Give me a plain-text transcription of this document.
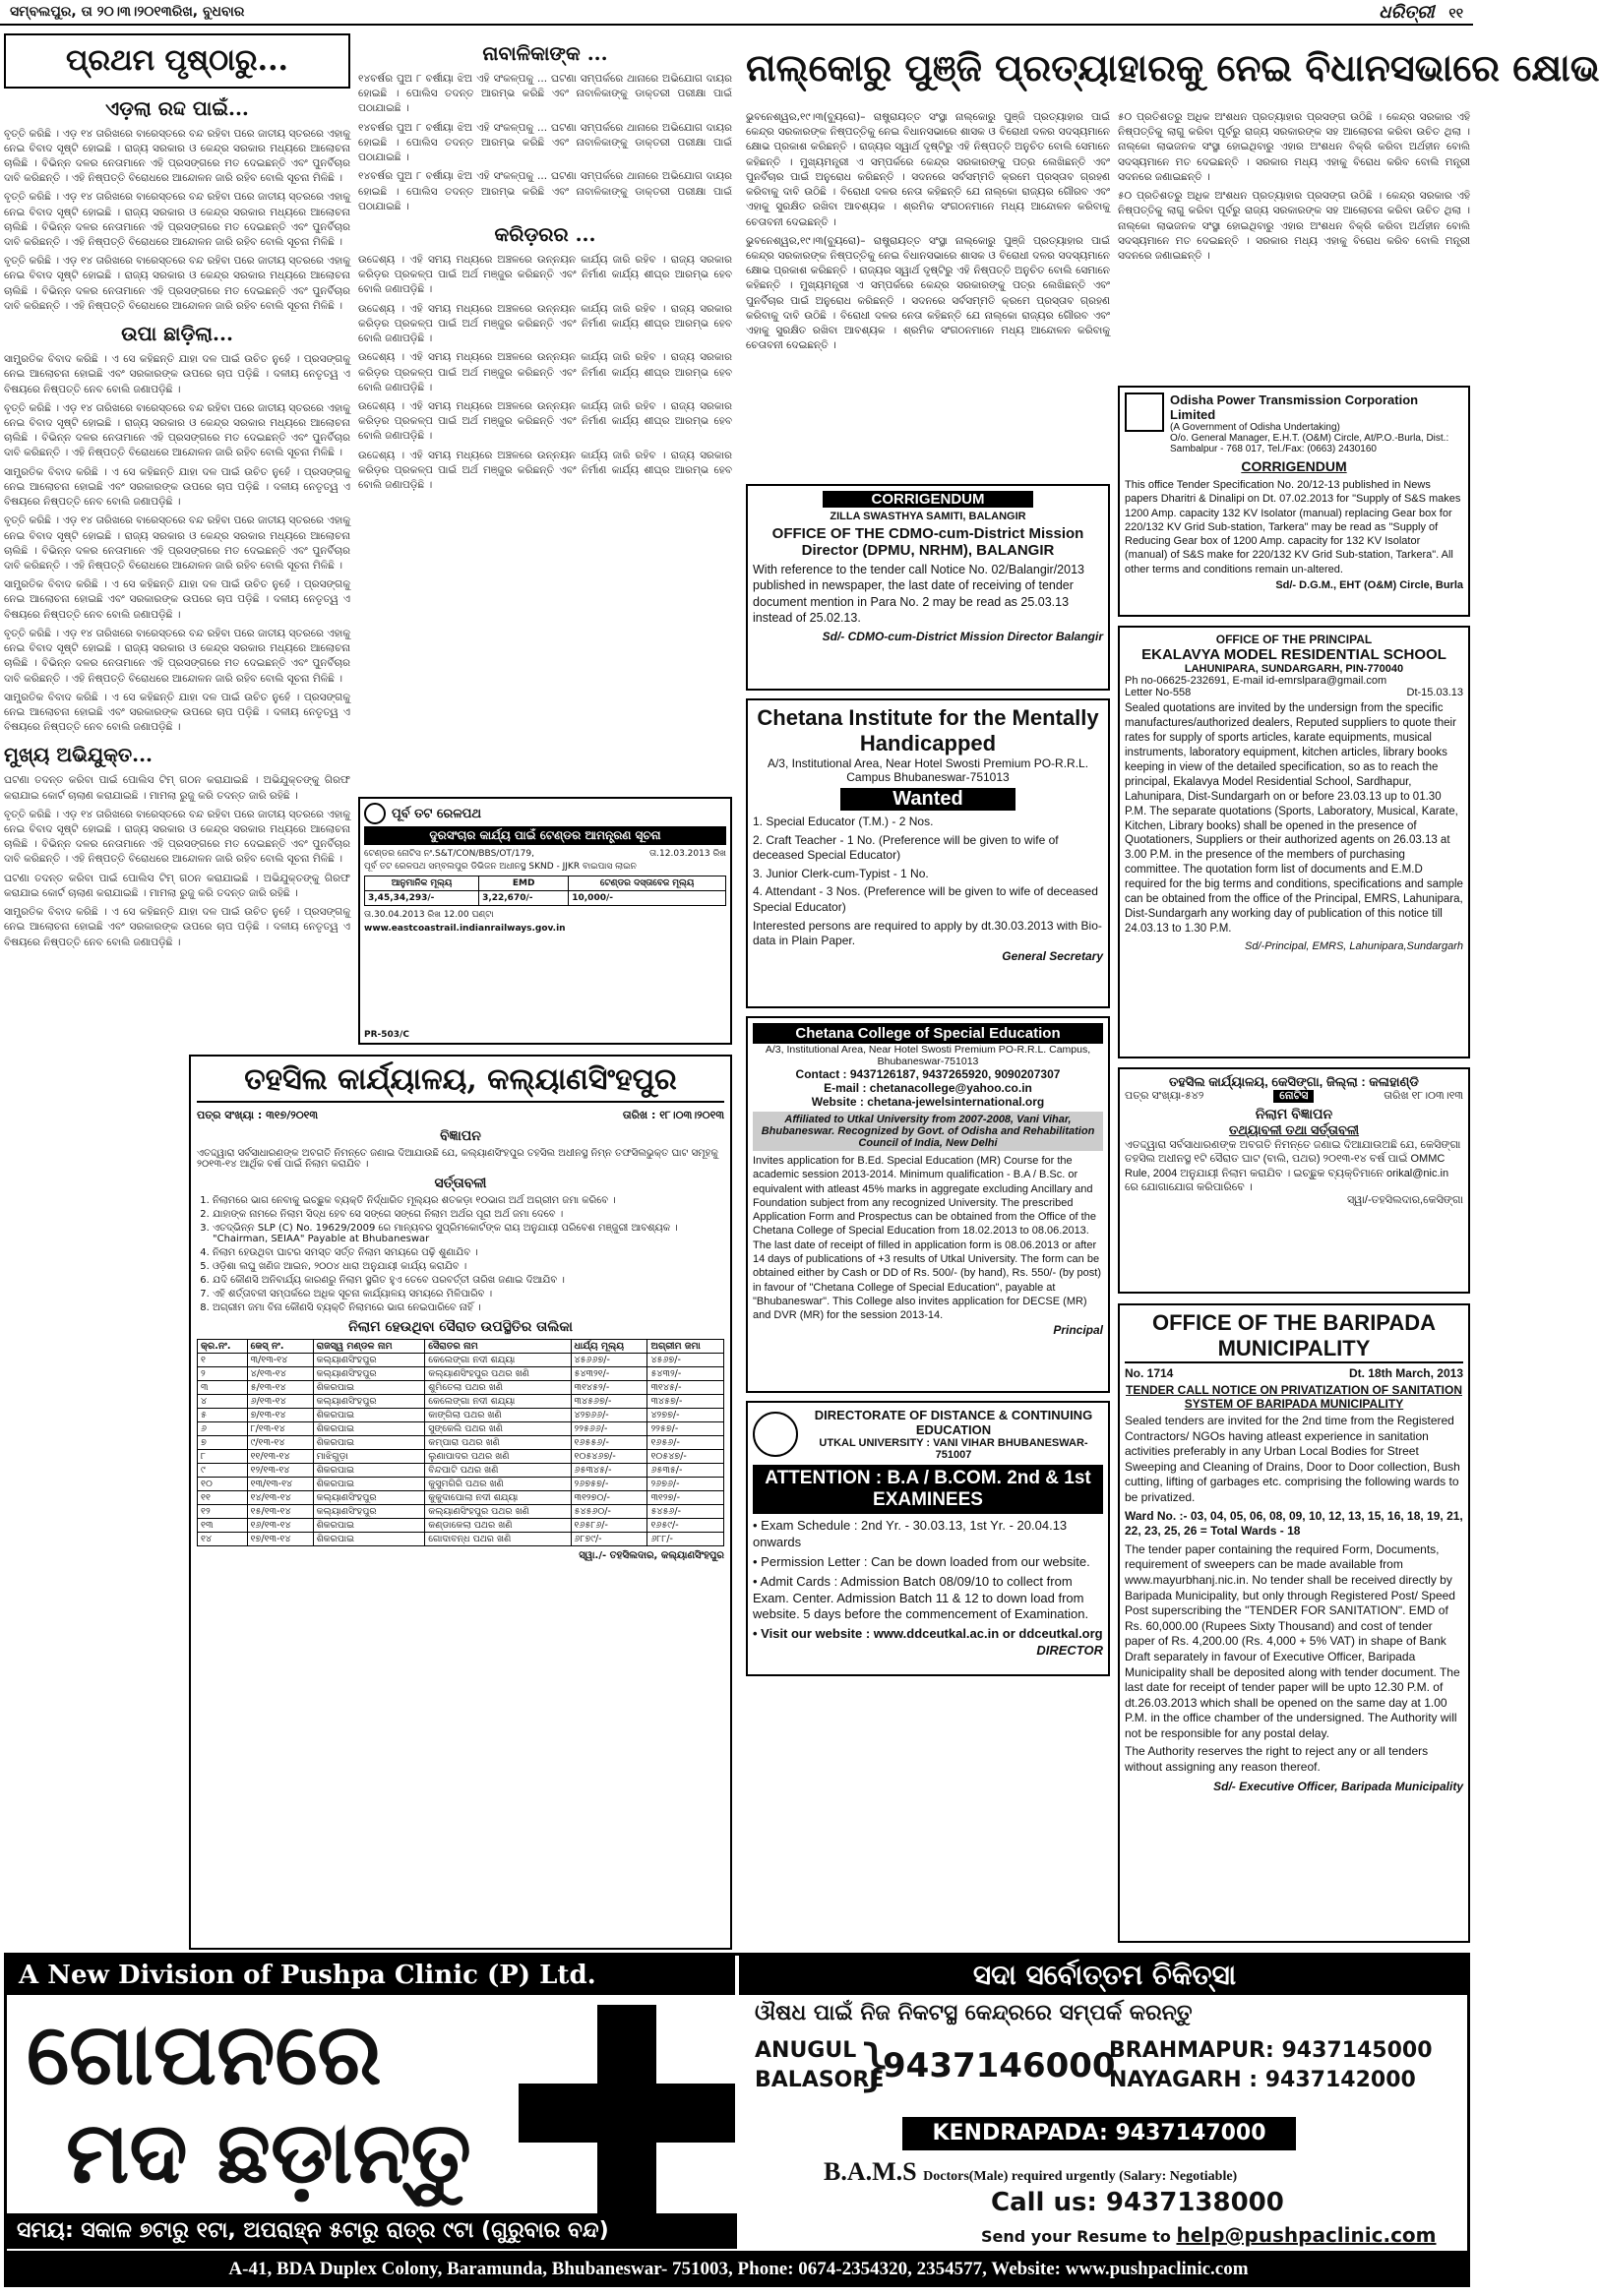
ସମ୍ବଲପୁର, ତା ୨୦।୩।୨୦୧୩ରିଖ, ବୁଧବାର	ଧରିତ୍ରୀ ୧୧
ପ୍ରଥମ ପୃଷ୍ଠାରୁ...
ଏଡ଼ଲା ରଦ୍ଦ ପାଇଁ...

ବୃତ୍ତି କରିଛି । ଏଡ଼ ୧୪ ତାରିଖରେ ବାରେସ୍ତରେ ବନ୍ଦ ରହିବା ପରେ ଜାତୀୟ ସ୍ତରରେ ଏହାକୁ ନେଇ ବିବାଦ ସୃଷ୍ଟି ହୋଇଛି । ରାଜ୍ୟ ସରକାର ଓ କେନ୍ଦ୍ର ସରକାର ମଧ୍ୟରେ ଆଲୋଚନା ଚାଲିଛି । ବିଭିନ୍ନ ଦଳର ନେତାମାନେ ଏହି ପ୍ରସଙ୍ଗରେ ମତ ଦେଇଛନ୍ତି ଏବଂ ପୁନର୍ବିଚାର ଦାବି କରିଛନ୍ତି । ଏହି ନିଷ୍ପତ୍ତି ବିରୋଧରେ ଆନ୍ଦୋଳନ ଜାରି ରହିବ ବୋଲି ସୂଚନା ମିଳିଛି ।

ବୃତ୍ତି କରିଛି । ଏଡ଼ ୧୪ ତାରିଖରେ ବାରେସ୍ତରେ ବନ୍ଦ ରହିବା ପରେ ଜାତୀୟ ସ୍ତରରେ ଏହାକୁ ନେଇ ବିବାଦ ସୃଷ୍ଟି ହୋଇଛି । ରାଜ୍ୟ ସରକାର ଓ କେନ୍ଦ୍ର ସରକାର ମଧ୍ୟରେ ଆଲୋଚନା ଚାଲିଛି । ବିଭିନ୍ନ ଦଳର ନେତାମାନେ ଏହି ପ୍ରସଙ୍ଗରେ ମତ ଦେଇଛନ୍ତି ଏବଂ ପୁନର୍ବିଚାର ଦାବି କରିଛନ୍ତି । ଏହି ନିଷ୍ପତ୍ତି ବିରୋଧରେ ଆନ୍ଦୋଳନ ଜାରି ରହିବ ବୋଲି ସୂଚନା ମିଳିଛି ।

ବୃତ୍ତି କରିଛି । ଏଡ଼ ୧୪ ତାରିଖରେ ବାରେସ୍ତରେ ବନ୍ଦ ରହିବା ପରେ ଜାତୀୟ ସ୍ତରରେ ଏହାକୁ ନେଇ ବିବାଦ ସୃଷ୍ଟି ହୋଇଛି । ରାଜ୍ୟ ସରକାର ଓ କେନ୍ଦ୍ର ସରକାର ମଧ୍ୟରେ ଆଲୋଚନା ଚାଲିଛି । ବିଭିନ୍ନ ଦଳର ନେତାମାନେ ଏହି ପ୍ରସଙ୍ଗରେ ମତ ଦେଇଛନ୍ତି ଏବଂ ପୁନର୍ବିଚାର ଦାବି କରିଛନ୍ତି । ଏହି ନିଷ୍ପତ୍ତି ବିରୋଧରେ ଆନ୍ଦୋଳନ ଜାରି ରହିବ ବୋଲି ସୂଚନା ମିଳିଛି ।

ଉପା ଛାଡ଼ିଲା...

ସାମ୍ପ୍ରତିକ ବିବାଦ କରିଛି । ଏ ସେ କହିଛନ୍ତି ଯାହା ଦଳ ପାଇଁ ଉଚିତ ନୁହେଁ । ପ୍ରସଙ୍ଗକୁ ନେଇ ଆଲୋଚନା ହୋଇଛି ଏବଂ ସରକାରଙ୍କ ଉପରେ ଚାପ ପଡ଼ିଛି । ଦଳୀୟ ନେତୃତ୍ୱ ଏ ବିଷୟରେ ନିଷ୍ପତ୍ତି ନେବ ବୋଲି ଜଣାପଡ଼ିଛି ।

ବୃତ୍ତି କରିଛି । ଏଡ଼ ୧୪ ତାରିଖରେ ବାରେସ୍ତରେ ବନ୍ଦ ରହିବା ପରେ ଜାତୀୟ ସ୍ତରରେ ଏହାକୁ ନେଇ ବିବାଦ ସୃଷ୍ଟି ହୋଇଛି । ରାଜ୍ୟ ସରକାର ଓ କେନ୍ଦ୍ର ସରକାର ମଧ୍ୟରେ ଆଲୋଚନା ଚାଲିଛି । ବିଭିନ୍ନ ଦଳର ନେତାମାନେ ଏହି ପ୍ରସଙ୍ଗରେ ମତ ଦେଇଛନ୍ତି ଏବଂ ପୁନର୍ବିଚାର ଦାବି କରିଛନ୍ତି । ଏହି ନିଷ୍ପତ୍ତି ବିରୋଧରେ ଆନ୍ଦୋଳନ ଜାରି ରହିବ ବୋଲି ସୂଚନା ମିଳିଛି ।

ସାମ୍ପ୍ରତିକ ବିବାଦ କରିଛି । ଏ ସେ କହିଛନ୍ତି ଯାହା ଦଳ ପାଇଁ ଉଚିତ ନୁହେଁ । ପ୍ରସଙ୍ଗକୁ ନେଇ ଆଲୋଚନା ହୋଇଛି ଏବଂ ସରକାରଙ୍କ ଉପରେ ଚାପ ପଡ଼ିଛି । ଦଳୀୟ ନେତୃତ୍ୱ ଏ ବିଷୟରେ ନିଷ୍ପତ୍ତି ନେବ ବୋଲି ଜଣାପଡ଼ିଛି ।

ବୃତ୍ତି କରିଛି । ଏଡ଼ ୧୪ ତାରିଖରେ ବାରେସ୍ତରେ ବନ୍ଦ ରହିବା ପରେ ଜାତୀୟ ସ୍ତରରେ ଏହାକୁ ନେଇ ବିବାଦ ସୃଷ୍ଟି ହୋଇଛି । ରାଜ୍ୟ ସରକାର ଓ କେନ୍ଦ୍ର ସରକାର ମଧ୍ୟରେ ଆଲୋଚନା ଚାଲିଛି । ବିଭିନ୍ନ ଦଳର ନେତାମାନେ ଏହି ପ୍ରସଙ୍ଗରେ ମତ ଦେଇଛନ୍ତି ଏବଂ ପୁନର୍ବିଚାର ଦାବି କରିଛନ୍ତି । ଏହି ନିଷ୍ପତ୍ତି ବିରୋଧରେ ଆନ୍ଦୋଳନ ଜାରି ରହିବ ବୋଲି ସୂଚନା ମିଳିଛି ।

ସାମ୍ପ୍ରତିକ ବିବାଦ କରିଛି । ଏ ସେ କହିଛନ୍ତି ଯାହା ଦଳ ପାଇଁ ଉଚିତ ନୁହେଁ । ପ୍ରସଙ୍ଗକୁ ନେଇ ଆଲୋଚନା ହୋଇଛି ଏବଂ ସରକାରଙ୍କ ଉପରେ ଚାପ ପଡ଼ିଛି । ଦଳୀୟ ନେତୃତ୍ୱ ଏ ବିଷୟରେ ନିଷ୍ପତ୍ତି ନେବ ବୋଲି ଜଣାପଡ଼ିଛି ।

ବୃତ୍ତି କରିଛି । ଏଡ଼ ୧୪ ତାରିଖରେ ବାରେସ୍ତରେ ବନ୍ଦ ରହିବା ପରେ ଜାତୀୟ ସ୍ତରରେ ଏହାକୁ ନେଇ ବିବାଦ ସୃଷ୍ଟି ହୋଇଛି । ରାଜ୍ୟ ସରକାର ଓ କେନ୍ଦ୍ର ସରକାର ମଧ୍ୟରେ ଆଲୋଚନା ଚାଲିଛି । ବିଭିନ୍ନ ଦଳର ନେତାମାନେ ଏହି ପ୍ରସଙ୍ଗରେ ମତ ଦେଇଛନ୍ତି ଏବଂ ପୁନର୍ବିଚାର ଦାବି କରିଛନ୍ତି । ଏହି ନିଷ୍ପତ୍ତି ବିରୋଧରେ ଆନ୍ଦୋଳନ ଜାରି ରହିବ ବୋଲି ସୂଚନା ମିଳିଛି ।

ସାମ୍ପ୍ରତିକ ବିବାଦ କରିଛି । ଏ ସେ କହିଛନ୍ତି ଯାହା ଦଳ ପାଇଁ ଉଚିତ ନୁହେଁ । ପ୍ରସଙ୍ଗକୁ ନେଇ ଆଲୋଚନା ହୋଇଛି ଏବଂ ସରକାରଙ୍କ ଉପରେ ଚାପ ପଡ଼ିଛି । ଦଳୀୟ ନେତୃତ୍ୱ ଏ ବିଷୟରେ ନିଷ୍ପତ୍ତି ନେବ ବୋଲି ଜଣାପଡ଼ିଛି ।

ମୁଖ୍ୟ ଅଭିଯୁକ୍ତ...

ଘଟଣା ତଦନ୍ତ କରିବା ପାଇଁ ପୋଲିସ ଟିମ୍ ଗଠନ କରାଯାଇଛି । ଅଭିଯୁକ୍ତଙ୍କୁ ଗିରଫ କରାଯାଇ କୋର୍ଟ ଚାଲାଣ କରାଯାଇଛି । ମାମଲା ରୁଜୁ କରି ତଦନ୍ତ ଜାରି ରହିଛି ।

ବୃତ୍ତି କରିଛି । ଏଡ଼ ୧୪ ତାରିଖରେ ବାରେସ୍ତରେ ବନ୍ଦ ରହିବା ପରେ ଜାତୀୟ ସ୍ତରରେ ଏହାକୁ ନେଇ ବିବାଦ ସୃଷ୍ଟି ହୋଇଛି । ରାଜ୍ୟ ସରକାର ଓ କେନ୍ଦ୍ର ସରକାର ମଧ୍ୟରେ ଆଲୋଚନା ଚାଲିଛି । ବିଭିନ୍ନ ଦଳର ନେତାମାନେ ଏହି ପ୍ରସଙ୍ଗରେ ମତ ଦେଇଛନ୍ତି ଏବଂ ପୁନର୍ବିଚାର ଦାବି କରିଛନ୍ତି । ଏହି ନିଷ୍ପତ୍ତି ବିରୋଧରେ ଆନ୍ଦୋଳନ ଜାରି ରହିବ ବୋଲି ସୂଚନା ମିଳିଛି ।

ଘଟଣା ତଦନ୍ତ କରିବା ପାଇଁ ପୋଲିସ ଟିମ୍ ଗଠନ କରାଯାଇଛି । ଅଭିଯୁକ୍ତଙ୍କୁ ଗିରଫ କରାଯାଇ କୋର୍ଟ ଚାଲାଣ କରାଯାଇଛି । ମାମଲା ରୁଜୁ କରି ତଦନ୍ତ ଜାରି ରହିଛି ।

ସାମ୍ପ୍ରତିକ ବିବାଦ କରିଛି । ଏ ସେ କହିଛନ୍ତି ଯାହା ଦଳ ପାଇଁ ଉଚିତ ନୁହେଁ । ପ୍ରସଙ୍ଗକୁ ନେଇ ଆଲୋଚନା ହୋଇଛି ଏବଂ ସରକାରଙ୍କ ଉପରେ ଚାପ ପଡ଼ିଛି । ଦଳୀୟ ନେତୃତ୍ୱ ଏ ବିଷୟରେ ନିଷ୍ପତ୍ତି ନେବ ବୋଲି ଜଣାପଡ଼ିଛି ।

ନାବାଳିକାଙ୍କ ...

୧୪ବର୍ଷର ପୁଅ ୮ ବର୍ଷୀୟା ଝିଅ ଏହି ସଂକଳ୍ପକୁ ... ଘଟଣା ସମ୍ପର୍କରେ ଥାନାରେ ଅଭିଯୋଗ ଦାୟର ହୋଇଛି । ପୋଲିସ ତଦନ୍ତ ଆରମ୍ଭ କରିଛି ଏବଂ ନାବାଳିକାଙ୍କୁ ଡାକ୍ତରୀ ପରୀକ୍ଷା ପାଇଁ ପଠାଯାଇଛି ।

୧୪ବର୍ଷର ପୁଅ ୮ ବର୍ଷୀୟା ଝିଅ ଏହି ସଂକଳ୍ପକୁ ... ଘଟଣା ସମ୍ପର୍କରେ ଥାନାରେ ଅଭିଯୋଗ ଦାୟର ହୋଇଛି । ପୋଲିସ ତଦନ୍ତ ଆରମ୍ଭ କରିଛି ଏବଂ ନାବାଳିକାଙ୍କୁ ଡାକ୍ତରୀ ପରୀକ୍ଷା ପାଇଁ ପଠାଯାଇଛି ।

୧୪ବର୍ଷର ପୁଅ ୮ ବର୍ଷୀୟା ଝିଅ ଏହି ସଂକଳ୍ପକୁ ... ଘଟଣା ସମ୍ପର୍କରେ ଥାନାରେ ଅଭିଯୋଗ ଦାୟର ହୋଇଛି । ପୋଲିସ ତଦନ୍ତ ଆରମ୍ଭ କରିଛି ଏବଂ ନାବାଳିକାଙ୍କୁ ଡାକ୍ତରୀ ପରୀକ୍ଷା ପାଇଁ ପଠାଯାଇଛି ।

କରିଡ଼ରର ...

ଉଦ୍ଦେଶ୍ୟ । ଏହି ସମୟ ମଧ୍ୟରେ ଅଞ୍ଚଳରେ ଉନ୍ନୟନ କାର୍ଯ୍ୟ ଜାରି ରହିବ । ରାଜ୍ୟ ସରକାର କରିଡ଼ର ପ୍ରକଳ୍ପ ପାଇଁ ଅର୍ଥ ମଞ୍ଜୁର କରିଛନ୍ତି ଏବଂ ନିର୍ମାଣ କାର୍ଯ୍ୟ ଶୀଘ୍ର ଆରମ୍ଭ ହେବ ବୋଲି ଜଣାପଡ଼ିଛି ।

ଉଦ୍ଦେଶ୍ୟ । ଏହି ସମୟ ମଧ୍ୟରେ ଅଞ୍ଚଳରେ ଉନ୍ନୟନ କାର୍ଯ୍ୟ ଜାରି ରହିବ । ରାଜ୍ୟ ସରକାର କରିଡ଼ର ପ୍ରକଳ୍ପ ପାଇଁ ଅର୍ଥ ମଞ୍ଜୁର କରିଛନ୍ତି ଏବଂ ନିର୍ମାଣ କାର୍ଯ୍ୟ ଶୀଘ୍ର ଆରମ୍ଭ ହେବ ବୋଲି ଜଣାପଡ଼ିଛି ।

ଉଦ୍ଦେଶ୍ୟ । ଏହି ସମୟ ମଧ୍ୟରେ ଅଞ୍ଚଳରେ ଉନ୍ନୟନ କାର୍ଯ୍ୟ ଜାରି ରହିବ । ରାଜ୍ୟ ସରକାର କରିଡ଼ର ପ୍ରକଳ୍ପ ପାଇଁ ଅର୍ଥ ମଞ୍ଜୁର କରିଛନ୍ତି ଏବଂ ନିର୍ମାଣ କାର୍ଯ୍ୟ ଶୀଘ୍ର ଆରମ୍ଭ ହେବ ବୋଲି ଜଣାପଡ଼ିଛି ।

ଉଦ୍ଦେଶ୍ୟ । ଏହି ସମୟ ମଧ୍ୟରେ ଅଞ୍ଚଳରେ ଉନ୍ନୟନ କାର୍ଯ୍ୟ ଜାରି ରହିବ । ରାଜ୍ୟ ସରକାର କରିଡ଼ର ପ୍ରକଳ୍ପ ପାଇଁ ଅର୍ଥ ମଞ୍ଜୁର କରିଛନ୍ତି ଏବଂ ନିର୍ମାଣ କାର୍ଯ୍ୟ ଶୀଘ୍ର ଆରମ୍ଭ ହେବ ବୋଲି ଜଣାପଡ଼ିଛି ।

ଉଦ୍ଦେଶ୍ୟ । ଏହି ସମୟ ମଧ୍ୟରେ ଅଞ୍ଚଳରେ ଉନ୍ନୟନ କାର୍ଯ୍ୟ ଜାରି ରହିବ । ରାଜ୍ୟ ସରକାର କରିଡ଼ର ପ୍ରକଳ୍ପ ପାଇଁ ଅର୍ଥ ମଞ୍ଜୁର କରିଛନ୍ତି ଏବଂ ନିର୍ମାଣ କାର୍ଯ୍ୟ ଶୀଘ୍ର ଆରମ୍ଭ ହେବ ବୋଲି ଜଣାପଡ଼ିଛି ।

ପୂର୍ବ ତଟ ରେଳପଥ
ଦୁରସଂଚାର କାର୍ଯ୍ୟ ପାଇଁ ଟେଣ୍ଡର ଆମନ୍ତ୍ରଣ ସୂଚନା
ଟେଣ୍ଡର ନୋଟିସ ନଂ.S&T/CON/BBS/OT/179,	ତା.12.03.2013 ରିଖ
ପୂର୍ବ ତଟ ରେଳପଥ ସମ୍ବଲପୁର ଡିଭିଜନ ଅଧୀନସ୍ଥ SKND - JJKR ବାଇପାସ ଲାଇନ
ଆନୁମାନିକ ମୂଲ୍ୟ	EMD	ଟେଣ୍ଡର ଦସ୍ତାବେଜ ମୂଲ୍ୟ
3,45,34,293/-	3,22,670/-	10,000/-
ତା.30.04.2013 ରିଖ 12.00 ଘଣ୍ଟା
www.eastcoastrail.indianrailways.gov.in
PR-503/C
ତହସିଲ କାର୍ଯ୍ୟାଳୟ, କଲ୍ୟାଣସିଂହପୁର
ପତ୍ର ସଂଖ୍ୟା : ୩୧୭/୨୦୧୩	ତାରିଖ : ୧୮।୦୩।୨୦୧୩
ବିଜ୍ଞାପନ

ଏତଦ୍ଦ୍ୱାରା ସର୍ବସାଧାରଣଙ୍କ ଅବଗତି ନିମନ୍ତେ ଜଣାଇ ଦିଆଯାଉଛି ଯେ, କଲ୍ୟାଣସିଂହପୁର ତହସିଲ ଅଧୀନସ୍ଥ ନିମ୍ନ ତଫସିଲଭୁକ୍ତ ଘାଟ ସମୂହକୁ ୨୦୧୩-୧୪ ଆର୍ଥିକ ବର୍ଷ ପାଇଁ ନିଲାମ କରାଯିବ ।

ସର୍ତ୍ତାବଳୀ
1. ନିଲାମରେ ଭାଗ ନେବାକୁ ଇଚ୍ଛୁକ ବ୍ୟକ୍ତି ନିର୍ଦ୍ଧାରିତ ମୂଲ୍ୟର ଶତକଡ଼ା ୧୦ଭାଗ ଅର୍ଥ ଅଗ୍ରୀମ ଜମା କରିବେ ।
2. ଯାହାଙ୍କ ନାମରେ ନିଲାମ ସିଦ୍ଧ ହେବ ସେ ସଙ୍ଗେ ସଙ୍ଗେ ନିଲାମ ଅର୍ଥର ପୂରା ଅର୍ଥ ଜମା ଦେବେ ।
3. ଏତଦ୍ଭିନ୍ନ SLP (C) No. 19629/2009 ରେ ମାନ୍ୟବର ସୁପ୍ରିମକୋର୍ଟଙ୍କ ରାୟ ଅନୁଯାୟୀ ପରିବେଶ ମଞ୍ଜୁରୀ ଆବଶ୍ୟକ । "Chairman, SEIAA" Payable at Bhubaneswar
4. ନିଲାମ ହେଉଥିବା ଘାଟର ସମସ୍ତ ସର୍ତ୍ତ ନିଲାମ ସମୟରେ ପଢ଼ି ଶୁଣାଯିବ ।
5. ଓଡ଼ିଶା ଲଘୁ ଖଣିଜ ଆଇନ, ୨୦୦୪ ଧାରା ଅନୁଯାୟୀ କାର୍ଯ୍ୟ କରାଯିବ ।
6. ଯଦି କୌଣସି ଅନିବାର୍ଯ୍ୟ କାରଣରୁ ନିଲାମ ସ୍ଥଗିତ ହୁଏ ତେବେ ପରବର୍ତ୍ତୀ ତାରିଖ ଜଣାଇ ଦିଆଯିବ ।
7. ଏହି ଶର୍ତ୍ତାବଳୀ ସମ୍ପର୍କରେ ଅଧିକ ସୂଚନା କାର୍ଯ୍ୟାଳୟ ସମୟରେ ମିଳିପାରିବ ।
8. ଅଗ୍ରୀମ ଜମା ବିନା କୌଣସି ବ୍ୟକ୍ତି ନିଲାମରେ ଭାଗ ନେଇପାରିବେ ନାହିଁ ।
ନିଲାମ ହେଉଥିବା ସୈରାତ ଉପସ୍ଥିତିର ତାଲିକା
କ୍ର.ନଂ.	କେସ୍ ନଂ.	ରାଜସ୍ୱ ମଣ୍ଡଳ ନାମ	ସୈରାତର ନାମ	ଧାର୍ଯ୍ୟ ମୂଲ୍ୟ	ଅଗ୍ରୀମ ଜମା
୧	୩/୧୩-୧୪	କଲ୍ୟାଣସିଂହପୁର	କେଲେଙ୍ଗା ନଦୀ ଶଯ୍ୟା	୪୫୬୬୭/-	୪୫୬୭/-
୨	୪/୧୩-୧୪	କଲ୍ୟାଣସିଂହପୁର	କଲ୍ୟାଣସିଂହପୁର ପଥର ଖଣି	୫୪୩୨୧/-	୫୪୩୨/-
୩	୫/୧୩-୧୪	ଶିକରପାଇ	ଶୁମିତେଲା ପଥର ଖଣି	୩୧୪୫୨/-	୩୧୪୫/-
୪	୬/୧୩-୧୪	କଲ୍ୟାଣସିଂହପୁର	କେଲେଙ୍ଗା ନଦୀ ଶଯ୍ୟା	୩୪୫୬୭/-	୩୪୫୭/-
୫	୭/୧୩-୧୪	ଶିକରପାଇ	କାଙ୍ଗିଲା ପଥର ଖଣି	୪୨୭୬୬/-	୪୨୭୭/-
୬	୮/୧୩-୧୪	ଶିକରପାଇ	ସୁଙ୍କେଲି ପଥର ଖଣି	୨୨୫୬୬/-	୨୨୫୭/-
୭	୯/୧୩-୧୪	ଶିକରପାଇ	କମ୍ପାରା ପଥର ଖଣି	୧୬୫୫୬/-	୧୬୫୬/-
୮	୧୧/୧୩-୧୪	ମାଝିଗୁଡ଼ା	ଲୁଣାପାଦର ପଥର ଖଣି	୧୦୫୪୬୭/-	୧୦୫୪୭/-
୯	୧୨/୧୩-୧୪	ଶିକରପାଇ	ବିନ୍ଦପାଟି ପଥର ଖଣି	୬୫୩୪୫/-	୬୫୩୫/-
୧୦	୧୩/୧୩-୧୪	ଶିକରପାଇ	କୁସୁମଗିରି ପଥର ଖଣି	୨୬୭୫୭/-	୨୬୭୬/-
୧୧	୧୪/୧୩-୧୪	କଲ୍ୟାଣସିଂହପୁର	କୁକୁଦାପୋଲା ନଦୀ ଶଯ୍ୟା	୩୧୨୭୦/-	୩୧୨୭/-
୧୨	୧୫/୧୩-୧୪	କଲ୍ୟାଣସିଂହପୁର	କଲ୍ୟାଣସିଂହପୁର ପଥର ଖଣି	୫୪୫୬୦/-	୫୪୫୬/-
୧୩	୧୬/୧୩-୧୪	ଶିକରପାଇ	କଣ୍ଡାକେଲା ପଥର ଖଣି	୧୬୫୮୬/-	୧୬୫୯/-
୧୪	୧୭/୧୩-୧୪	ଶିକରପାଇ	ଗୋଦାବନ୍ଧ ପଥର ଖଣି	୬୮୭୯/-	୬୮୮/-
ସ୍ୱା./- ତହସିଲଦାର, କଲ୍ୟାଣସିଂହପୁର
ନାଲ୍‌କୋରୁ ପୁଞ୍ଜି ପ୍ରତ୍ୟାହାରକୁ ନେଇ ବିଧାନସଭାରେ କ୍ଷୋଭ

ଭୁବନେଶ୍ୱର,୧୯।୩(ବ୍ୟୁରୋ)– ରାଷ୍ଟ୍ରାୟତ୍ତ ସଂସ୍ଥା ନାଲ୍‌କୋରୁ ପୁଞ୍ଜି ପ୍ରତ୍ୟାହାର ପାଇଁ କେନ୍ଦ୍ର ସରକାରଙ୍କ ନିଷ୍ପତ୍ତିକୁ ନେଇ ବିଧାନସଭାରେ ଶାସକ ଓ ବିରୋଧୀ ଦଳର ସଦସ୍ୟମାନେ କ୍ଷୋଭ ପ୍ରକାଶ କରିଛନ୍ତି । ରାଜ୍ୟର ସ୍ୱାର୍ଥ ଦୃଷ୍ଟିରୁ ଏହି ନିଷ୍ପତ୍ତି ଅନୁଚିତ ବୋଲି ସେମାନେ କହିଛନ୍ତି । ମୁଖ୍ୟମନ୍ତ୍ରୀ ଏ ସମ୍ପର୍କରେ କେନ୍ଦ୍ର ସରକାରଙ୍କୁ ପତ୍ର ଲେଖିଛନ୍ତି ଏବଂ ପୁନର୍ବିଚାର ପାଇଁ ଅନୁରୋଧ କରିଛନ୍ତି । ସଦନରେ ସର୍ବସମ୍ମତି କ୍ରମେ ପ୍ରସ୍ତାବ ଗ୍ରହଣ କରିବାକୁ ଦାବି ଉଠିଛି । ବିରୋଧୀ ଦଳର ନେତା କହିଛନ୍ତି ଯେ ନାଲ୍‌କୋ ରାଜ୍ୟର ଗୌରବ ଏବଂ ଏହାକୁ ସୁରକ୍ଷିତ ରଖିବା ଆବଶ୍ୟକ । ଶ୍ରମିକ ସଂଗଠନମାନେ ମଧ୍ୟ ଆନ୍ଦୋଳନ କରିବାକୁ ଚେତାବନୀ ଦେଇଛନ୍ତି ।

ଭୁବନେଶ୍ୱର,୧୯।୩(ବ୍ୟୁରୋ)– ରାଷ୍ଟ୍ରାୟତ୍ତ ସଂସ୍ଥା ନାଲ୍‌କୋରୁ ପୁଞ୍ଜି ପ୍ରତ୍ୟାହାର ପାଇଁ କେନ୍ଦ୍ର ସରକାରଙ୍କ ନିଷ୍ପତ୍ତିକୁ ନେଇ ବିଧାନସଭାରେ ଶାସକ ଓ ବିରୋଧୀ ଦଳର ସଦସ୍ୟମାନେ କ୍ଷୋଭ ପ୍ରକାଶ କରିଛନ୍ତି । ରାଜ୍ୟର ସ୍ୱାର୍ଥ ଦୃଷ୍ଟିରୁ ଏହି ନିଷ୍ପତ୍ତି ଅନୁଚିତ ବୋଲି ସେମାନେ କହିଛନ୍ତି । ମୁଖ୍ୟମନ୍ତ୍ରୀ ଏ ସମ୍ପର୍କରେ କେନ୍ଦ୍ର ସରକାରଙ୍କୁ ପତ୍ର ଲେଖିଛନ୍ତି ଏବଂ ପୁନର୍ବିଚାର ପାଇଁ ଅନୁରୋଧ କରିଛନ୍ତି । ସଦନରେ ସର୍ବସମ୍ମତି କ୍ରମେ ପ୍ରସ୍ତାବ ଗ୍ରହଣ କରିବାକୁ ଦାବି ଉଠିଛି । ବିରୋଧୀ ଦଳର ନେତା କହିଛନ୍ତି ଯେ ନାଲ୍‌କୋ ରାଜ୍ୟର ଗୌରବ ଏବଂ ଏହାକୁ ସୁରକ୍ଷିତ ରଖିବା ଆବଶ୍ୟକ । ଶ୍ରମିକ ସଂଗଠନମାନେ ମଧ୍ୟ ଆନ୍ଦୋଳନ କରିବାକୁ ଚେତାବନୀ ଦେଇଛନ୍ତି ।

୫୦ ପ୍ରତିଶତରୁ ଅଧିକ ଅଂଶଧନ ପ୍ରତ୍ୟାହାର ପ୍ରସଙ୍ଗ ଉଠିଛି । କେନ୍ଦ୍ର ସରକାର ଏହି ନିଷ୍ପତ୍ତିକୁ ଲାଗୁ କରିବା ପୂର୍ବରୁ ରାଜ୍ୟ ସରକାରଙ୍କ ସହ ଆଲୋଚନା କରିବା ଉଚିତ ଥିଲା । ନାଲ୍‌କୋ ଲାଭଜନକ ସଂସ୍ଥା ହୋଇଥିବାରୁ ଏହାର ଅଂଶଧନ ବିକ୍ରି କରିବା ଅର୍ଥହୀନ ବୋଲି ସଦସ୍ୟମାନେ ମତ ଦେଇଛନ୍ତି । ସରକାର ମଧ୍ୟ ଏହାକୁ ବିରୋଧ କରିବ ବୋଲି ମନ୍ତ୍ରୀ ସଦନରେ ଜଣାଇଛନ୍ତି ।

୫୦ ପ୍ରତିଶତରୁ ଅଧିକ ଅଂଶଧନ ପ୍ରତ୍ୟାହାର ପ୍ରସଙ୍ଗ ଉଠିଛି । କେନ୍ଦ୍ର ସରକାର ଏହି ନିଷ୍ପତ୍ତିକୁ ଲାଗୁ କରିବା ପୂର୍ବରୁ ରାଜ୍ୟ ସରକାରଙ୍କ ସହ ଆଲୋଚନା କରିବା ଉଚିତ ଥିଲା । ନାଲ୍‌କୋ ଲାଭଜନକ ସଂସ୍ଥା ହୋଇଥିବାରୁ ଏହାର ଅଂଶଧନ ବିକ୍ରି କରିବା ଅର୍ଥହୀନ ବୋଲି ସଦସ୍ୟମାନେ ମତ ଦେଇଛନ୍ତି । ସରକାର ମଧ୍ୟ ଏହାକୁ ବିରୋଧ କରିବ ବୋଲି ମନ୍ତ୍ରୀ ସଦନରେ ଜଣାଇଛନ୍ତି ।

CORRIGENDUM
ZILLA SWASTHYA SAMITI, BALANGIR
OFFICE OF THE CDMO-cum-District Mission Director (DPMU, NRHM), BALANGIR

With reference to the tender call Notice No. 02/Balangir/2013 published in newspaper, the last date of receiving of tender document mention in Para No. 2 may be read as 25.03.13 instead of 25.02.13.

Sd/- CDMO-cum-District Mission Director Balangir
Odisha Power Transmission Corporation Limited
(A Government of Odisha Undertaking)
O/o. General Manager, E.H.T. (O&M) Circle, At/P.O.-Burla, Dist.: Sambalpur - 768 017, Tel./Fax: (0663) 2430160
CORRIGENDUM

This office Tender Specification No. 20/12-13 published in News papers Dharitri & Dinalipi on Dt. 07.02.2013 for "Supply of S&S makes 1200 Amp. capacity 132 KV Isolator (manual) replacing Gear box for 220/132 KV Grid Sub-station, Tarkera" may be read as "Supply of Reducing Gear box of 1200 Amp. capacity for 132 KV Isolator (manual) of S&S make for 220/132 KV Grid Sub-station, Tarkera". All other terms and conditions remain un-altered.

Sd/- D.G.M., EHT (O&M) Circle, Burla
Chetana Institute for the Mentally Handicapped
A/3, Institutional Area, Near Hotel Swosti Premium PO-R.R.L. Campus Bhubaneswar-751013
Wanted

1. Special Educator (T.M.) - 2 Nos.

2. Craft Teacher - 1 No. (Preference will be given to wife of deceased Special Educator)

3. Junior Clerk-cum-Typist - 1 No.

4. Attendant - 3 Nos. (Preference will be given to wife of deceased Special Educator)

Interested persons are required to apply by dt.30.03.2013 with Bio-data in Plain Paper.

General Secretary
OFFICE OF THE PRINCIPAL
EKALAVYA MODEL RESIDENTIAL SCHOOL
LAHUNIPARA, SUNDARGARH, PIN-770040
Ph no-06625-232691, E-mail id-emrslpara@gmail.com
Letter No-558	Dt-15.03.13

Sealed quotations are invited by the undersign from the specific manufactures/authorized dealers, Reputed suppliers to quote their rates for supply of sports articles, karate equipments, musical instruments, laboratory equipment, kitchen articles, library books keeping in view of the detailed specification, so as to reach the principal, Ekalavya Model Residential School, Sardhapur, Lahunipara, Dist-Sundargarh on or before 23.03.13 up to 01.30 P.M. The separate quotations (Sports, Laboratory, Musical, Karate, Kitchen, Library books) shall be opened in the presence of Quotationers, Suppliers or their authorized agents on 26.03.13 at 3.00 P.M. in the presence of the members of purchasing committee. The quotation form list of documents and E.M.D required for the big terms and conditions, specifications and sample can be obtained from the office of the Principal, EMRS, Lahunipara, Dist-Sundargarh any working day of publication of this notice till 24.03.13 to 1.30 P.M.

Sd/-Principal, EMRS, Lahunipara,Sundargarh
Chetana College of Special Education
A/3, Institutional Area, Near Hotel Swosti Premium PO-R.R.L. Campus, Bhubaneswar-751013
Contact : 9437126187, 9437265920, 9090207307
E-mail : chetanacollege@yahoo.co.in
Website : chetana-jewelsinternational.org
Affiliated to Utkal University from 2007-2008, Vani Vihar, Bhubaneswar. Recognized by Govt. of Odisha and Rehabilitation Council of India, New Delhi

Invites application for B.Ed. Special Education (MR) Course for the academic session 2013-2014. Minimum qualification - B.A / B.Sc. or equivalent with atleast 45% marks in aggregate excluding Ancillary and Foundation subject from any recognized University. The prescribed Application Form and Prospectus can be obtained from the Office of the Chetana College of Special Education from 18.02.2013 to 08.06.2013. The last date of receipt of filled in application form is 08.06.2013 or after 14 days of publications of +3 results of Utkal University. The form can be obtained either by Cash or DD of Rs. 500/- (by hand), Rs. 550/- (by post) in favour of "Chetana College of Special Education", payable at "Bhubaneswar". This College also invites application for DECSE (MR) and DVR (MR) for the session 2013-14.

Principal
ତହସିଲ କାର୍ଯ୍ୟାଳୟ, କେସିଙ୍ଗା, ଜିଲ୍ଲା : କଳାହାଣ୍ଡି
ପତ୍ର ସଂଖ୍ୟା-୫୪୨	ନୋଟିସ	ତାରିଖ ୧୮।୦୩।୧୩
ନିଲାମ ବିଜ୍ଞାପନ
ତଥ୍ୟାବଳୀ ତଥା ସର୍ତ୍ତାବଳୀ

ଏତଦ୍ଦ୍ୱାରା ସର୍ବସାଧାରଣଙ୍କ ଅବଗତି ନିମନ୍ତେ ଜଣାଇ ଦିଆଯାଉଅଛି ଯେ, କେସିଙ୍ଗା ତହସିଲ ଅଧୀନସ୍ଥ ୧ଟି ସୈରାତ ଘାଟ (ବାଲି, ପଥର) ୨୦୧୩-୧୪ ବର୍ଷ ପାଇଁ OMMC Rule, 2004 ଅନୁଯାୟୀ ନିଲାମ କରାଯିବ । ଇଚ୍ଛୁକ ବ୍ୟକ୍ତିମାନେ orikal@nic.in ରେ ଯୋଗାଯୋଗ କରିପାରିବେ ।

ସ୍ୱା/-ତହସିଲଦାର,କେସିଙ୍ଗା
DIRECTORATE OF DISTANCE & CONTINUING EDUCATION
UTKAL UNIVERSITY : VANI VIHAR BHUBANESWAR-751007
ATTENTION : B.A / B.COM. 2nd & 1st EXAMINEES

• Exam Schedule : 2nd Yr. - 30.03.13, 1st Yr. - 20.04.13 onwards

• Permission Letter : Can be down loaded from our website.

• Admit Cards : Admission Batch 08/09/10 to collect from Exam. Center. Admission Batch 11 & 12 to down load from website. 5 days before the commencement of Examination.

• Visit our website : www.ddceutkal.ac.in or ddceutkal.org

DIRECTOR
OFFICE OF THE BARIPADA MUNICIPALITY
No. 1714	Dt. 18th March, 2013
TENDER CALL NOTICE ON PRIVATIZATION OF SANITATION SYSTEM OF BARIPADA MUNICIPALITY

Sealed tenders are invited for the 2nd time from the Registered Contractors/ NGOs having atleast experience in sanitation activities preferably in any Urban Local Bodies for Street Sweeping and Cleaning of Drains, Door to Door collection, Bush cutting, lifting of garbages etc. comprising the following wards to be privatized.

Ward No. :- 03, 04, 05, 06, 08, 09, 10, 12, 13, 15, 16, 18, 19, 21, 22, 23, 25, 26 = Total Wards - 18

The tender paper containing the required Form, Documents, requirement of sweepers can be made available from www.mayurbhanj.nic.in. No tender shall be received directly by Baripada Municipality, but only through Registered Post/ Speed Post superscribing the "TENDER FOR SANITATION". EMD of Rs. 60,000.00 (Rupees Sixty Thousand) and cost of tender paper of Rs. 4,200.00 (Rs. 4,000 + 5% VAT) in shape of Bank Draft separately in favour of Executive Officer, Baripada Municipality shall be deposited along with tender document. The last date for receipt of tender paper will be upto 12.30 P.M. of dt.26.03.2013 which shall be opened on the same day at 1.00 P.M. in the office chamber of the undersigned. The Authority will not be responsible for any postal delay.

The Authority reserves the right to reject any or all tenders without assigning any reason thereof.

Sd/- Executive Officer, Baripada Municipality
A New Division of Pushpa Clinic (P) Ltd.	ସଦା ସର୍ବୋତ୍ତମ ଚିକିତ୍ସା
ଗୋପନରେ
ମଦ ଛଡ଼ାନ୍ତୁ
ସମୟ: ସକାଳ ୭ଟାରୁ ୧ଟା, ଅପରାହ୍ନ ୫ଟାରୁ ରାତ୍ର ୯ଟା (ଗୁରୁବାର ବନ୍ଦ)
ଔଷଧ ପାଇଁ ନିଜ ନିକଟସ୍ଥ କେନ୍ଦ୍ରରେ ସମ୍ପର୍କ କରନ୍ତୁ
ANUGUL
BALASORE
}
9437146000
BRAHMAPUR: 9437145000
NAYAGARH : 9437142000
KENDRAPADA: 9437147000
B.A.M.S Doctors(Male) required urgently (Salary: Negotiable)
Call us: 9437138000
Send your Resume to help@pushpaclinic.com
A-41, BDA Duplex Colony, Baramunda, Bhubaneswar- 751003, Phone: 0674-2354320, 2354577, Website: www.pushpaclinic.com
